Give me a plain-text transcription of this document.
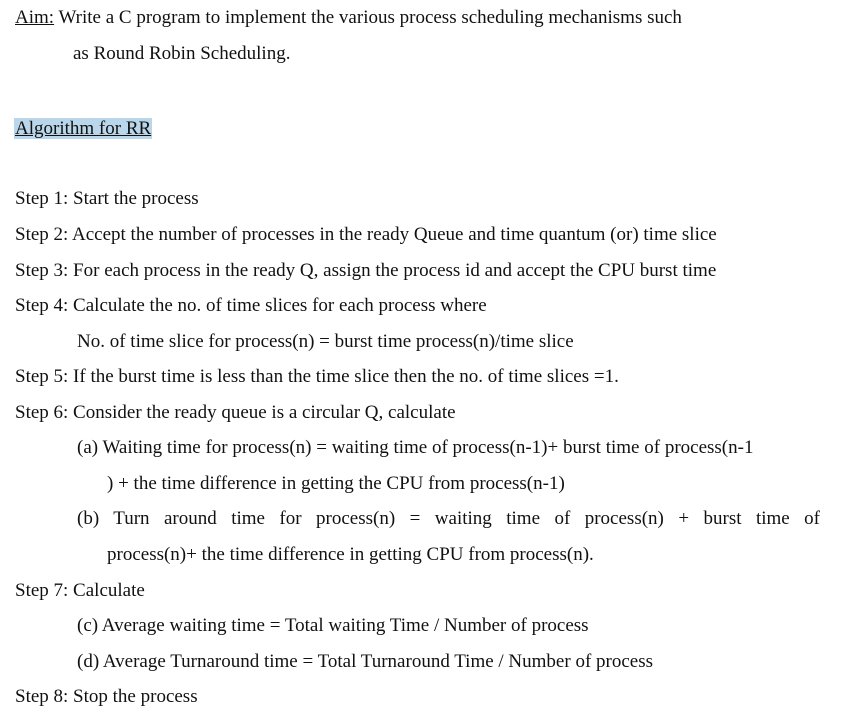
Aim: Write a C program to implement the various process scheduling mechanisms such
as Round Robin Scheduling.
Algorithm for RR
Step 1: Start the process
Step 2: Accept the number of processes in the ready Queue and time quantum (or) time slice
Step 3: For each process in the ready Q, assign the process id and accept the CPU burst time
Step 4: Calculate the no. of time slices for each process where
No. of time slice for process(n) = burst time process(n)/time slice
Step 5: If the burst time is less than the time slice then the no. of time slices =1.
Step 6: Consider the ready queue is a circular Q, calculate
(a) Waiting time for process(n) = waiting time of process(n-1)+ burst time of process(n-1
) + the time difference in getting the CPU from process(n-1)
(b) Turn around time for process(n) = waiting time of process(n) + burst time of
process(n)+ the time difference in getting CPU from process(n).
Step 7: Calculate
(c) Average waiting time = Total waiting Time / Number of process
(d) Average Turnaround time = Total Turnaround Time / Number of process
Step 8: Stop the process
